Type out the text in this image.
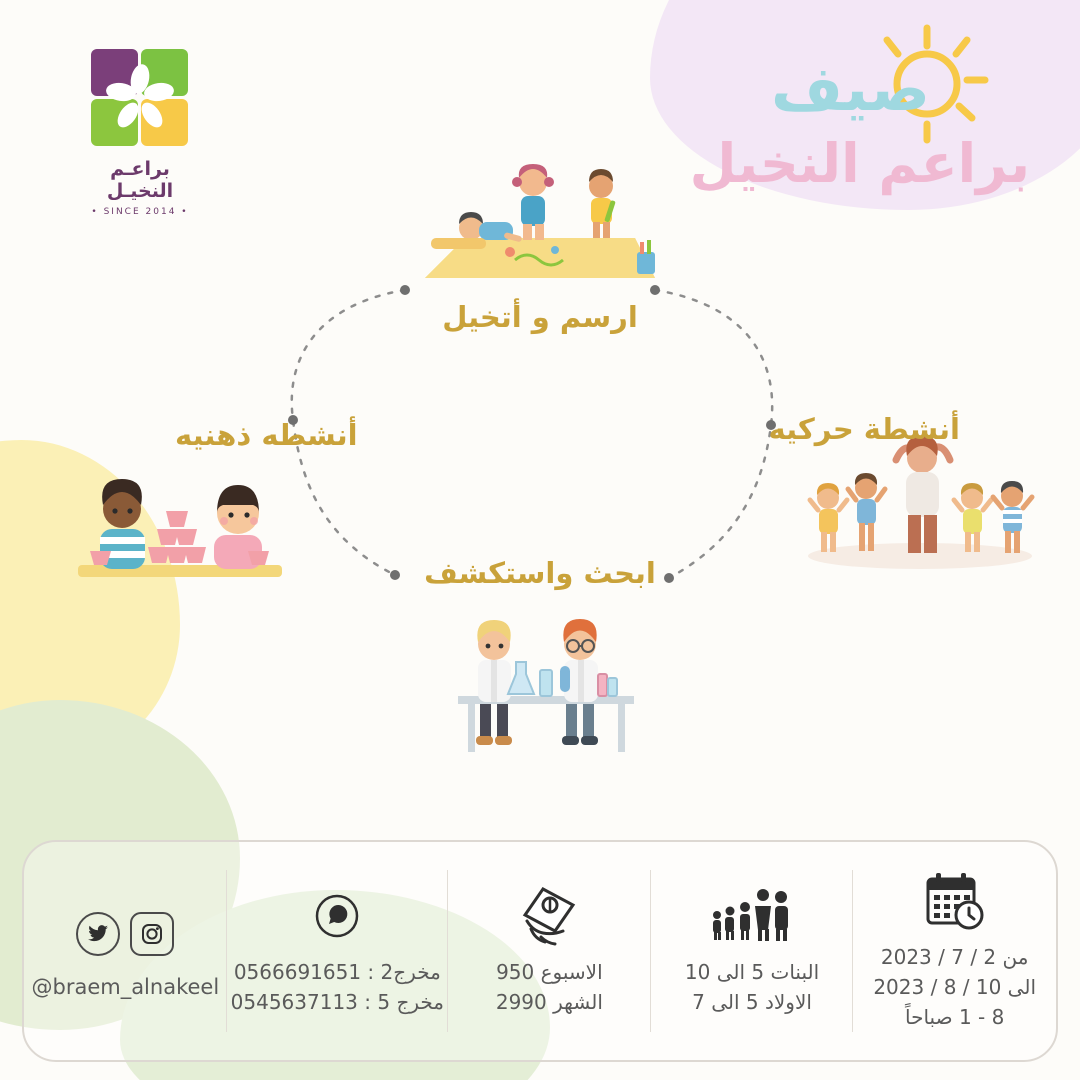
صيف
براعم النخيل
براعـم النخيـل
• SINCE 2014 •
ارسم و أتخيل
أنشطة حركيه
أنشطه ذهنيه
ابحث واستكشف
من 2 / 7 / 2023
الى 10 / 8 / 2023
8 - 1 صباحاً
البنات 5 الى 10
الاولاد 5 الى 7
الاسبوع 950
الشهر 2990
مخرج2 : 0566691651
مخرج 5 : 0545637113
@braem_alnakeel
